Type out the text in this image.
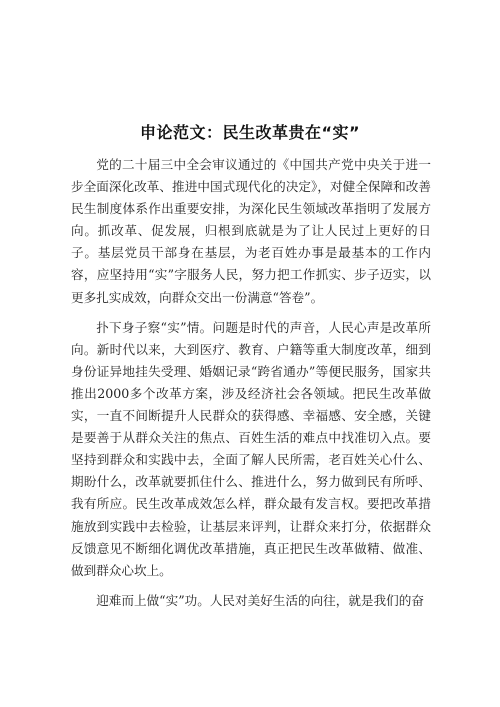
申论范文：民生改革贵在“实”

党的二十届三中全会审议通过的《中国共产党中央关于进一步全面深化改革、推进中国式现代化的决定》，对健全保障和改善民生制度体系作出重要安排，为深化民生领域改革指明了发展方向。抓改革、促发展，归根到底就是为了让人民过上更好的日子。基层党员干部身在基层，为老百姓办事是最基本的工作内容，应坚持用“实”字服务人民，努力把工作抓实、步子迈实，以更多扎实成效，向群众交出一份满意“答卷”。

扑下身子察“实”情。问题是时代的声音，人民心声是改革所向。新时代以来，大到医疗、教育、户籍等重大制度改革，细到身份证异地挂失受理、婚姻记录“跨省通办”等便民服务，国家共推出2000多个改革方案，涉及经济社会各领域。把民生改革做实，一直不间断提升人民群众的获得感、幸福感、安全感，关键是要善于从群众关注的焦点、百姓生活的难点中找准切入点。要坚持到群众和实践中去，全面了解人民所需，老百姓关心什么、期盼什么，改革就要抓住什么、推进什么，努力做到民有所呼、我有所应。民生改革成效怎么样，群众最有发言权。要把改革措施放到实践中去检验，让基层来评判，让群众来打分，依据群众反馈意见不断细化调优改革措施，真正把民生改革做精、做准、做到群众心坎上。

迎难而上做“实”功。人民对美好生活的向往，就是我们的奋
